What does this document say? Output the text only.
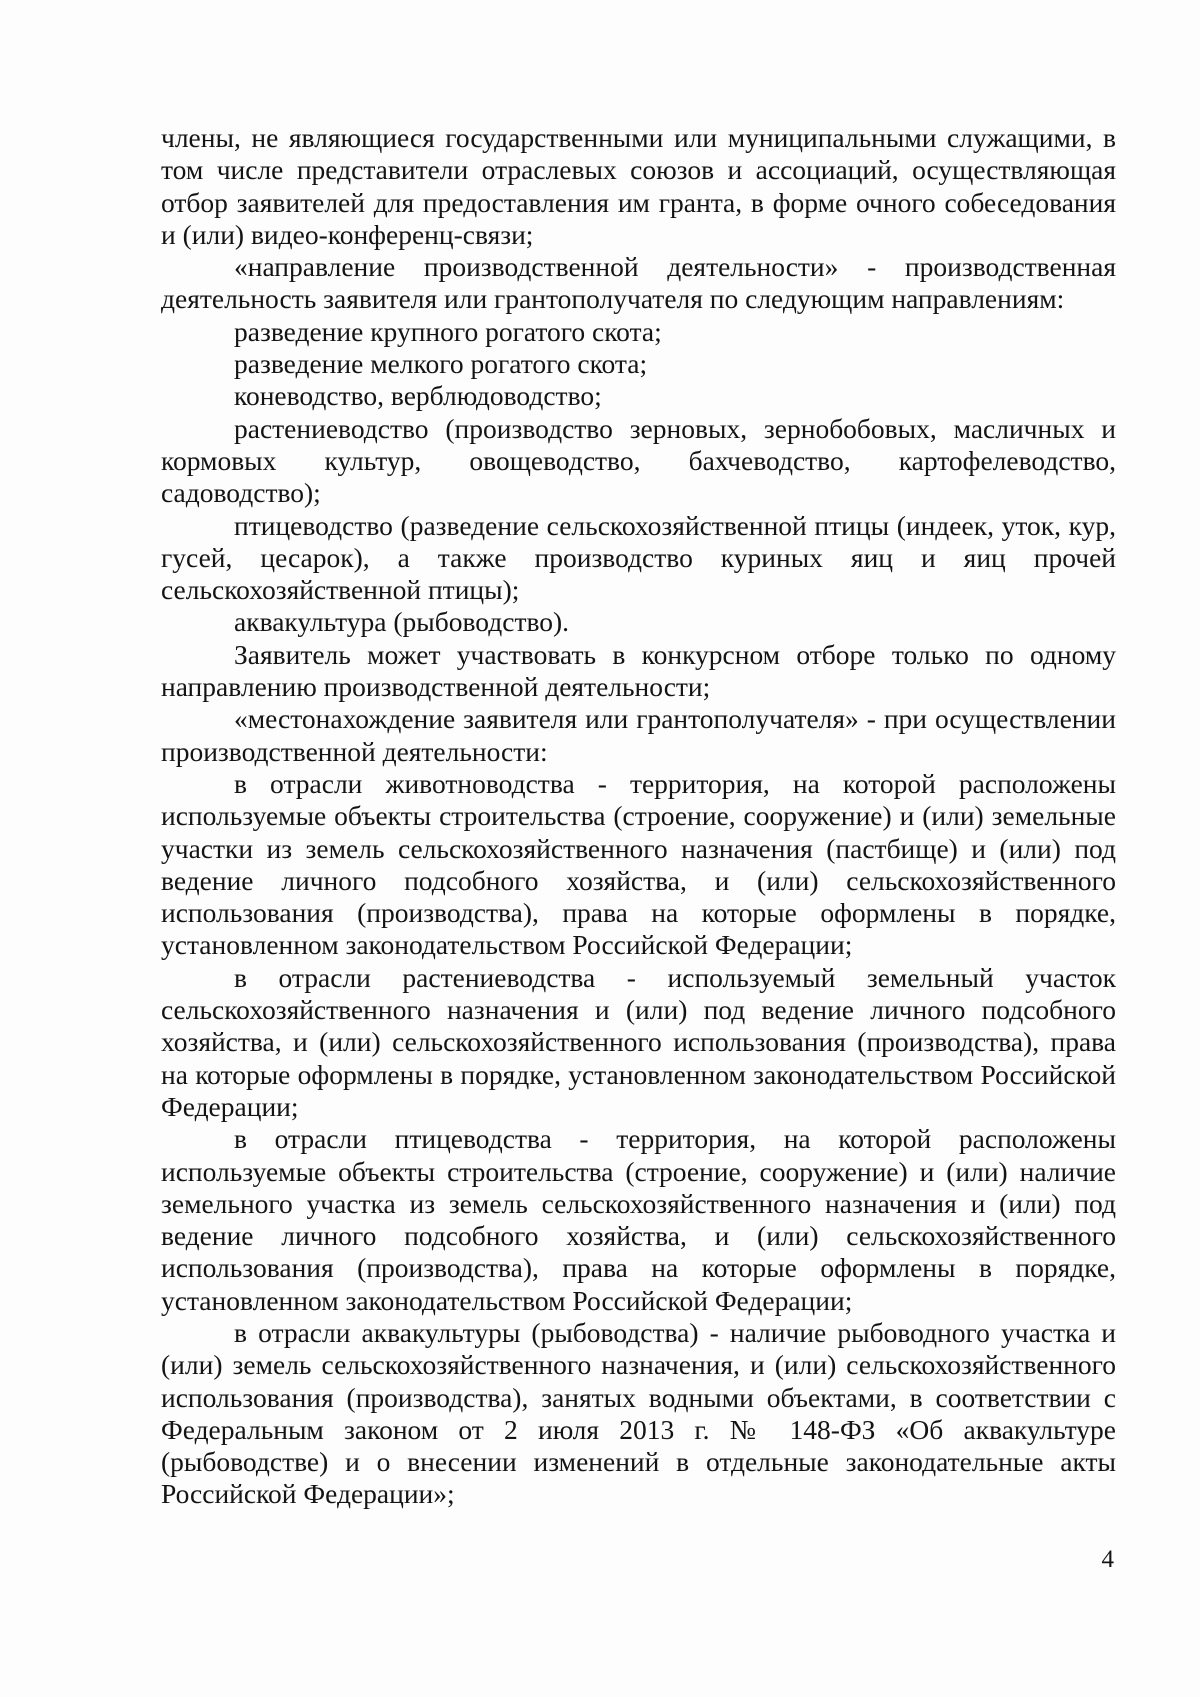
члены, не являющиеся государственными или муниципальными служащими, в том числе представители отраслевых союзов и ассоциаций, осуществляющая отбор заявителей для предоставления им гранта, в форме очного собеседования и (или) видео-конференц-связи;

«направление производственной деятельности» - производственная деятельность заявителя или грантополучателя по следующим направлениям:

разведение крупного рогатого скота;

разведение мелкого рогатого скота;

коневодство, верблюдоводство;

растениеводство (производство зерновых, зернобобовых, масличных и кормовых культур, овощеводство, бахчеводство, картофелеводство, садоводство);

птицеводство (разведение сельскохозяйственной птицы (индеек, уток, кур, гусей, цесарок), а также производство куриных яиц и яиц прочей сельскохозяйственной птицы);

аквакультура (рыбоводство).

Заявитель может участвовать в конкурсном отборе только по одному направлению производственной деятельности;

«местонахождение заявителя или грантополучателя» - при осуществлении производственной деятельности:

в отрасли животноводства - территория, на которой расположены используемые объекты строительства (строение, сооружение) и (или) земельные участки из земель сельскохозяйственного назначения (пастбище) и (или) под ведение личного подсобного хозяйства, и (или) сельскохозяйственного использования (производства), права на которые оформлены в порядке, установленном законодательством Российской Федерации;

в отрасли растениеводства - используемый земельный участок сельскохозяйственного назначения и (или) под ведение личного подсобного хозяйства, и (или) сельскохозяйственного использования (производства), права на которые оформлены в порядке, установленном законодательством Российской Федерации;

в отрасли птицеводства - территория, на которой расположены используемые объекты строительства (строение, сооружение) и (или) наличие земельного участка из земель сельскохозяйственного назначения и (или) под ведение личного подсобного хозяйства, и (или) сельскохозяйственного использования (производства), права на которые оформлены в порядке, установленном законодательством Российской Федерации;

в отрасли аквакультуры (рыбоводства) - наличие рыбоводного участка и (или) земель сельскохозяйственного назначения, и (или) сельскохозяйственного использования (производства), занятых водными объектами, в соответствии с Федеральным законом от 2 июля 2013 г. № 148-ФЗ «Об аквакультуре (рыбоводстве) и о внесении изменений в отдельные законодательные акты Российской Федерации»;

4
